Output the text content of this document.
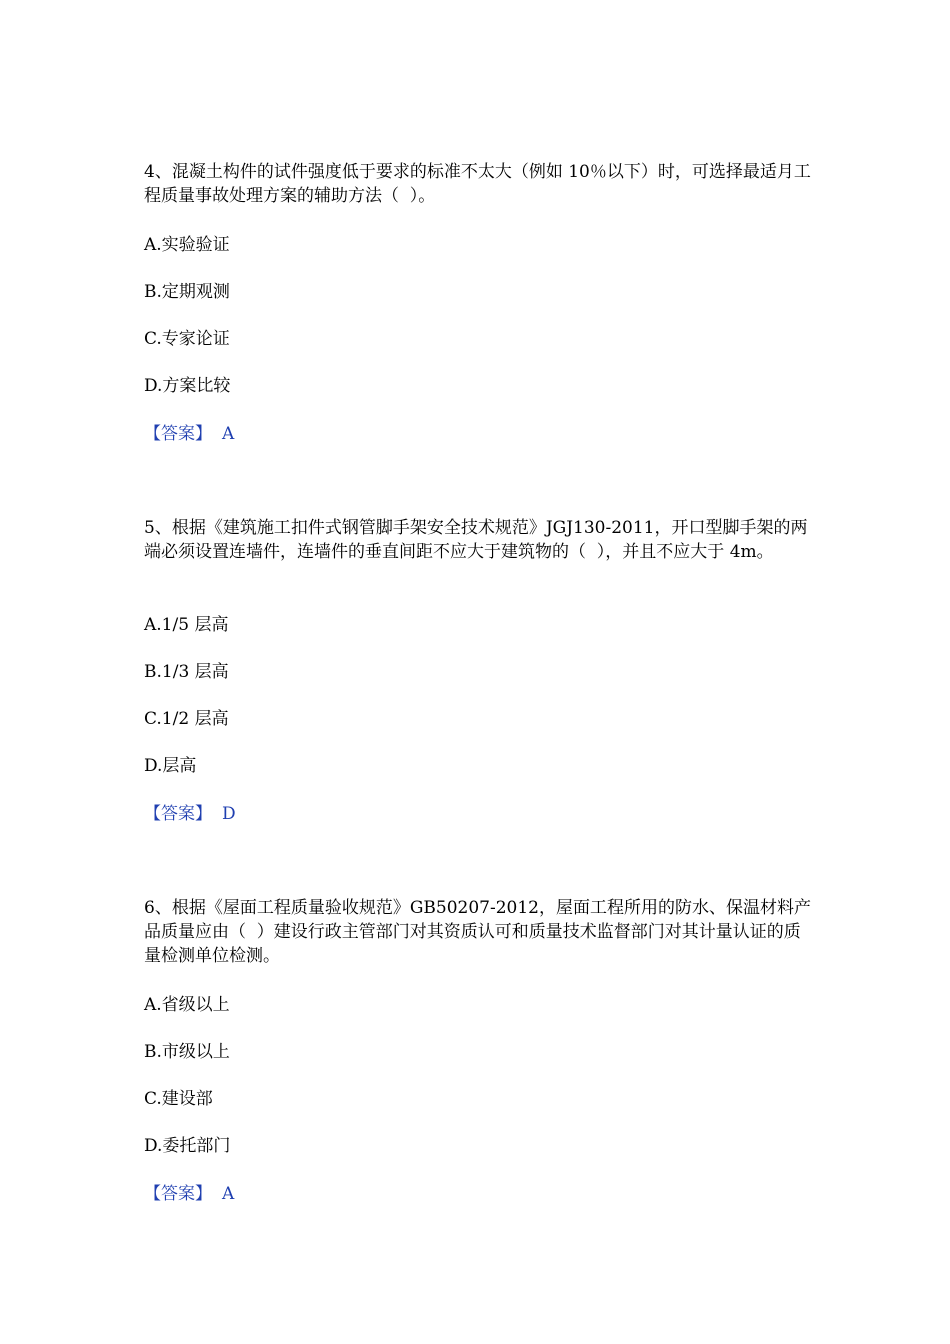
4、混凝土构件的试件强度低于要求的标准不太大（例如 10％以下）时，可选择最适月工程质量事故处理方案的辅助方法（  ）。

A.实验验证

B.定期观测

C.专家论证

D.方案比较

【答案】 A

5、根据《建筑施工扣件式钢管脚手架安全技术规范》JGJ130-2011，开口型脚手架的两端必须设置连墙件，连墙件的垂直间距不应大于建筑物的（  ），并且不应大于 4m。

A.1/5 层高

B.1/3 层高

C.1/2 层高

D.层高

【答案】 D

6、根据《屋面工程质量验收规范》GB50207-2012，屋面工程所用的防水、保温材料产品质量应由（  ）建设行政主管部门对其资质认可和质量技术监督部门对其计量认证的质量检测单位检测。

A.省级以上

B.市级以上

C.建设部

D.委托部门

【答案】 A
